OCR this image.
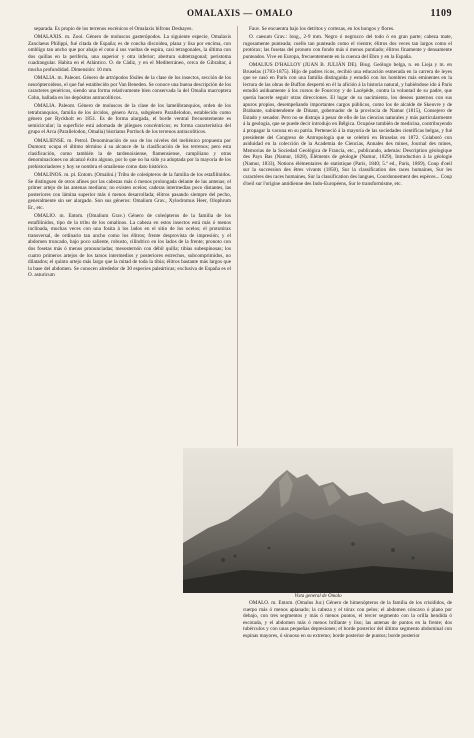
OMALAXIS — OMALO	1109

separada. Es propio de los terrenos eocénicos el Omalaxis bifrons Deshayes.

OMALAXIS. m. Zool. Género de moluscos gasterópodos. La siguiente especie, Omalaxis Zanclaeus Philippi, fué citada de España; es de concha discoidea, plana y lisa por encima, con ombligo tan ancho que por abajo el cono á sus vueltas de espira, casi tetragonales, la última con dos quillas en la periferia, una superior y otra inferior; abertura subtetragonal; peristoma cuadrangular. Habita en el Atlántico. O. de Cádiz, y en el Mediterráneo, cerca de Gibraltar, á mucha profundidad. Dimensión: 10 mm.

OMALIA. m. Paleont. Género de artrópodos fósiles de la clase de los insectos, sección de los neurópteroideos, el que fué establecido por Van Beneden. Se conoce una buena descripción de los caracteres genéricos, siendo una forma relativamente bien conservada la del Omalia macroptera Cohn, hallada en los depósitos antracolíticos.

OMALIA. Paleont. Género de moluscos de la clase de los lamelibranquios, orden de los tetrabranquios, familia de los árcidos, género Arca, subgénero Parallelodon, establecido como género por Ryckholt en 1851. Es de forma alargada, el borde ventral frecuentemente es semicircular; la superficie está adornada de pliegues concéntricos; es forma característica del grupo el Arca (Parallelodon, Omalia) bistriatus Portlock de los terrenos antracolíticos.

OMALIENSE. m. Petrol. Denominación de uso de los niveles del meliénico propuesta por Dumont; ocupa el último término á su alcance de la clasificación de los terrenos; pero esta clasificación, como también la de tardenoisiense, flamensiense, campiliano y otras denominaciones no alcanzó éxito alguno, por lo que no ha sido ya adoptada por la mayoría de los prehistoriadores y hoy se nombra el omaliense como dato histórico.

OMALINOS. m. pl. Entom. (Omalini.) Tribu de coleópteros de la familia de los estafilínidos. Se distinguen de otros afines por las cabezas más ó menos prolongada delante de las antenas; el primer artejo de las antenas mediano; no existen ocelos; caderas intermedias poco distantes, las posteriores con lámina superior más ó menos desarrollada; élitros pasando siempre del pecho, generalmente sin ser alargado. Son sus géneros: Omalium Grav., Xylodromus Heer, Olophrum Er., etc.

OMALIO. m. Entom. (Omalium Grav.) Género de coleópteros de la familia de los estafilínidos, tipo de la tribu de los omalinos. La cabeza en estos insectos está más ó menos inclinada, muchas veces con una fosita á los lados en el sitio de los ocelos; el prototórax transversal, de ordinario tan ancho como los élitros; frente desprovista de impresión; y el abdomen truncado, bajo poco saliente, robusto, cilíndrico en los lados de la frente; pronoto con dos fosetas más ó menos pronunciadas; mesosternón con débil quilla; tibias subespinosas; los cuatro primeros artejos de los tarsos intermedios y posteriores estrechos, subcomprimidos, no dilatados; el quinto artejo más largo que la mitad de toda la tibia; élitros bastante más largos que la base del abdomen. Se conocen alrededor de 30 especies paleárticas; exclusiva de España es el O. asturicum

Fauv. Se encuentra bajo los detritos y cortezas, en los hongos y flores.

O. caesum Grav.: long., 2-9 mm. Negro ó negruzco del todo ó en gran parte; cabeza mate, rugosamente punteada; cuello tan punteado como el vientre; élitros dos veces tan largos como el protórax; las fosetas del pronoto con fondo más ó menos puntiado; élitros finamente y densamente punteados. Vive en Europa, frecuentemente en la cuenca del Ebro y en la España.

OMALIUS D'HALLOY (JUAN B. JULIÁN DE). Biog. Geólogo belga, n. en Lieja y m. en Bruselas (1783-1875). Hijo de padres ricos, recibió una educación esmerada en la carrera de leyes que se casó en París con una familia distinguida y estudió con los hombres más eminentes en la lectura de las obras de Buffon despertó en él la afición á la historia natural, y habiéndose ido á París estudió asiduamente á los cursos de Fourcroy y de Lacépède, contra la voluntad de su padre, que quería hacerle seguir otras direcciones. El lugar de su nacimiento, los deseos paternos con sus apuros propios, desempeñando importantes cargos públicos, como los de alcalde de Skeuvre y de Brabante, subintendente de Dinant, gobernador de la provincia de Namur (1815), Consejero de Estado y senador. Pero no se distrajo á pesar de ello de las ciencias naturales y más particularmente á la geología, que se puede decir introdujo en Bélgica. Ocupóse también de medicina, contribuyendo á propagar la vacuna en su patria. Perteneció á la mayoría de las sociedades científicas belgas, y fué presidente del Congreso de Antropología que se celebró en Bruselas en 1872. Colaboró con asiduidad en la colección de la Academia de Ciencias, Annales des mines, Journal des mines, Memorias de la Sociedad Geológica de Francia, etc., publicando, además: Description géologique des Pays Bas (Namur, 1828), Éléments de géologie (Namur, 1829), Introduction à la géologie (Namur, 1833), Notions élémentaires de statistique (París, 1840; 5.ª ed., París, 1869), Coup d'oeil sur la succession des êtres vivants (1850), Sur la classification des races humaines, Sur les caractères des races humaines, Sur la classification des langues, Coordonnement des espèces... Coup d'oeil sur l'origine antidienne des Indo-Européens, Sur le transformisme, etc.

Vista general de Omalo

OMALO. m. Entom. (Omalus Jur.) Género de himenópteros de la familia de los crisídidos, de cuerpo más ó menos aplanado; la cabeza y el tórax con pelos; el abdomen cóncavo ó plano por debajo, con tres segmentos y más ó menos puntos, el tercer segmento con la orilla hendida ó escotada, y el abdomen más ó menos brillante y liso; las antenas de puntos en la frente; dos tubérculos y con unas pequeñas depresiones; el borde posterior del último segmento abdominal con espinas mayores, ó sinuoso en su extremo; borde posterior de puntos; borde posterior
